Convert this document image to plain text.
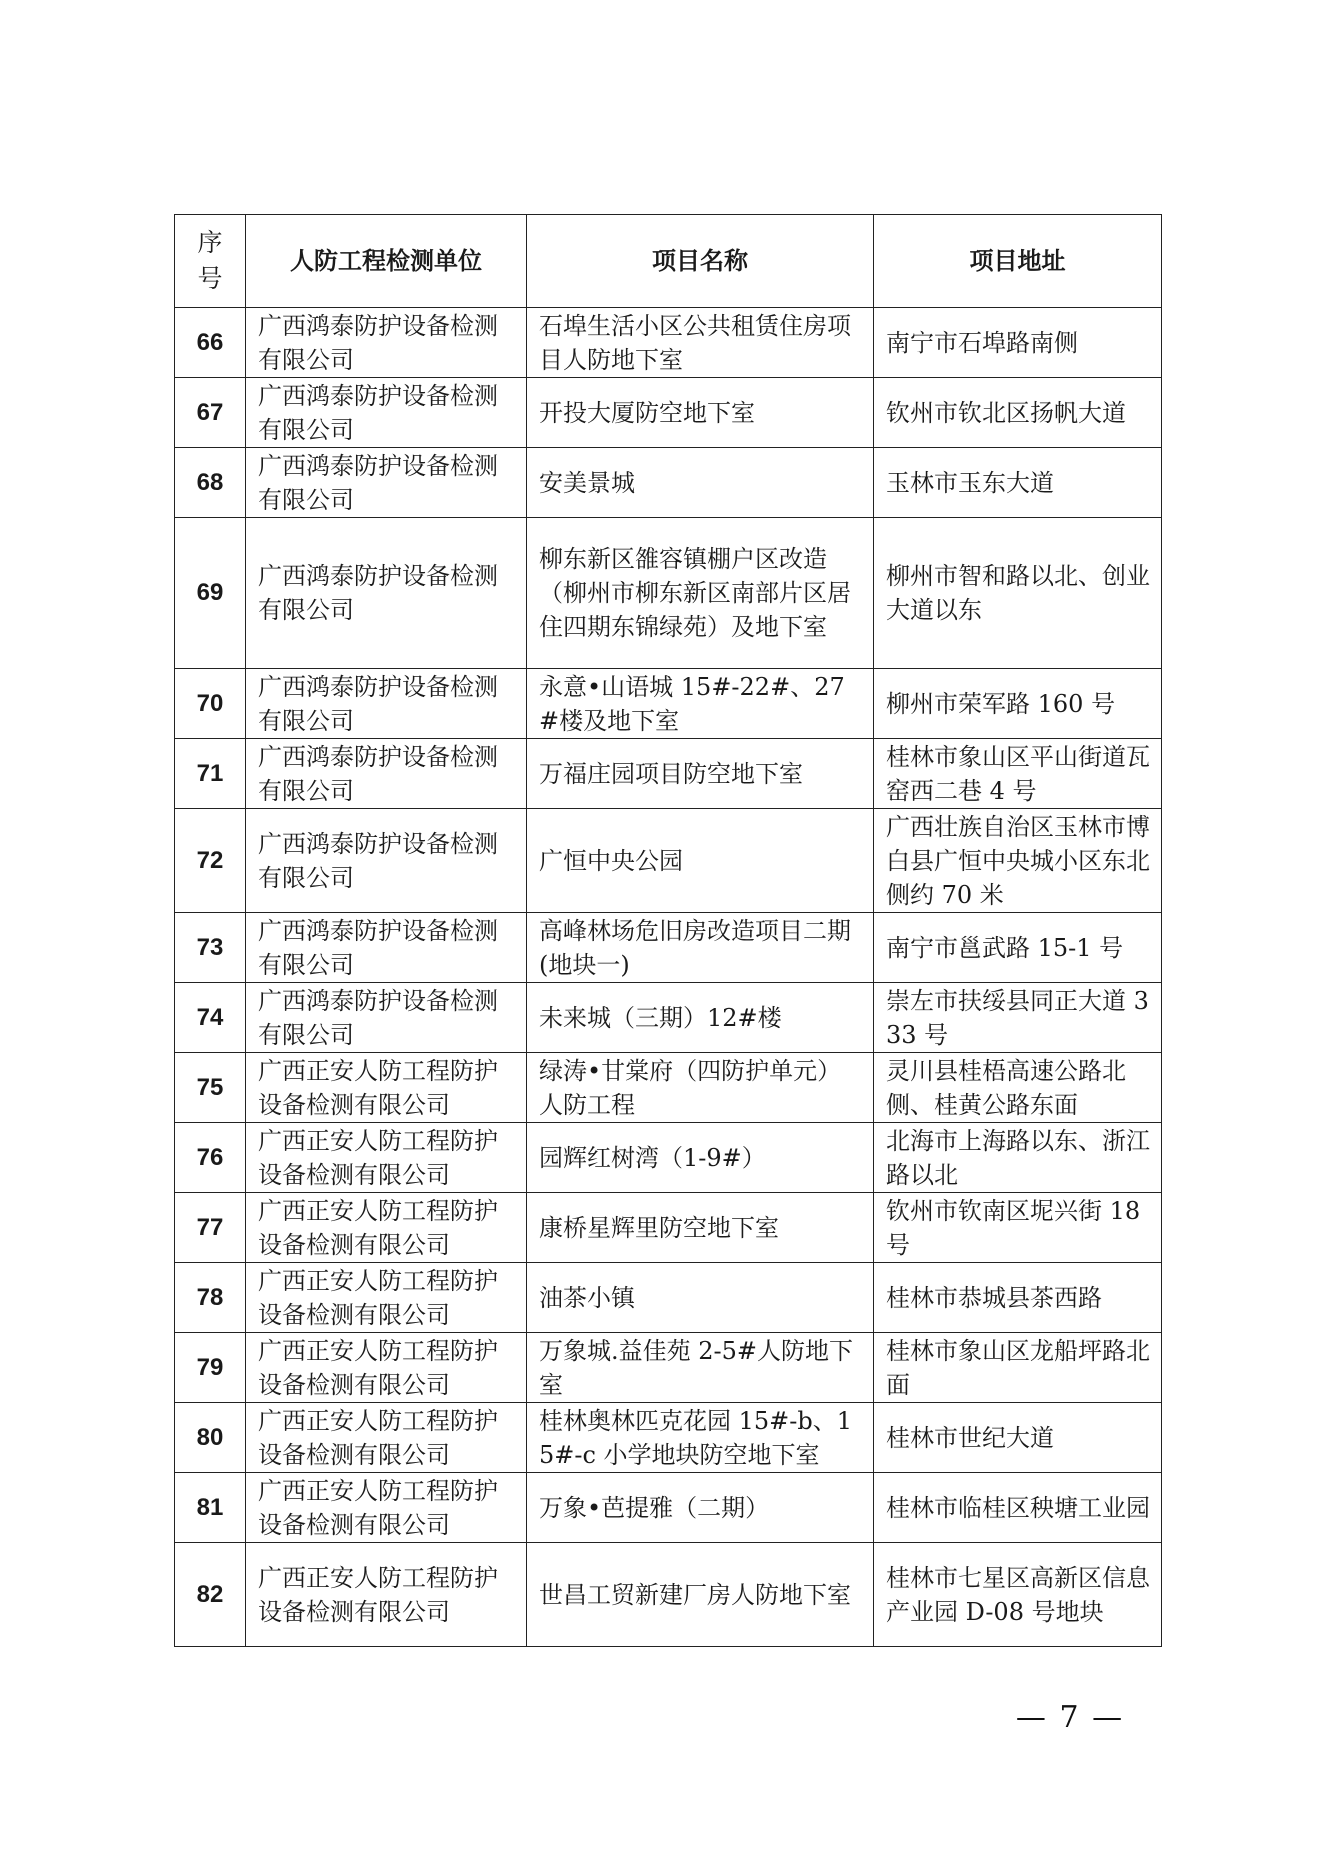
序
号	人防工程检测单位	项目名称	项目地址
66	广西鸿泰防护设备检测有限公司	石埠生活小区公共租赁住房项目人防地下室	南宁市石埠路南侧
67	广西鸿泰防护设备检测有限公司	开投大厦防空地下室	钦州市钦北区扬帆大道
68	广西鸿泰防护设备检测有限公司	安美景城	玉林市玉东大道
69	广西鸿泰防护设备检测有限公司	柳东新区雒容镇棚户区改造（柳州市柳东新区南部片区居住四期东锦绿苑）及地下室	柳州市智和路以北、创业大道以东
70	广西鸿泰防护设备检测有限公司	永意•山语城 15#-22#、27#楼及地下室	柳州市荣军路 160 号
71	广西鸿泰防护设备检测有限公司	万福庄园项目防空地下室	桂林市象山区平山街道瓦窑西二巷 4 号
72	广西鸿泰防护设备检测有限公司	广恒中央公园	广西壮族自治区玉林市博白县广恒中央城小区东北侧约 70 米
73	广西鸿泰防护设备检测有限公司	高峰林场危旧房改造项目二期(地块一)	南宁市邕武路 15-1 号
74	广西鸿泰防护设备检测有限公司	未来城（三期）12#楼	崇左市扶绥县同正大道 333 号
75	广西正安人防工程防护设备检测有限公司	绿涛•甘棠府（四防护单元）人防工程	灵川县桂梧高速公路北侧、桂黄公路东面
76	广西正安人防工程防护设备检测有限公司	园辉红树湾（1-9#）	北海市上海路以东、浙江路以北
77	广西正安人防工程防护设备检测有限公司	康桥星辉里防空地下室	钦州市钦南区坭兴街 18 号
78	广西正安人防工程防护设备检测有限公司	油茶小镇	桂林市恭城县茶西路
79	广西正安人防工程防护设备检测有限公司	万象城.益佳苑 2-5#人防地下室	桂林市象山区龙船坪路北面
80	广西正安人防工程防护设备检测有限公司	桂林奥林匹克花园 15#-b、15#-c 小学地块防空地下室	桂林市世纪大道
81	广西正安人防工程防护设备检测有限公司	万象•芭提雅（二期）	桂林市临桂区秧塘工业园
82	广西正安人防工程防护设备检测有限公司	世昌工贸新建厂房人防地下室	桂林市七星区高新区信息产业园 D-08 号地块
— 7 —
